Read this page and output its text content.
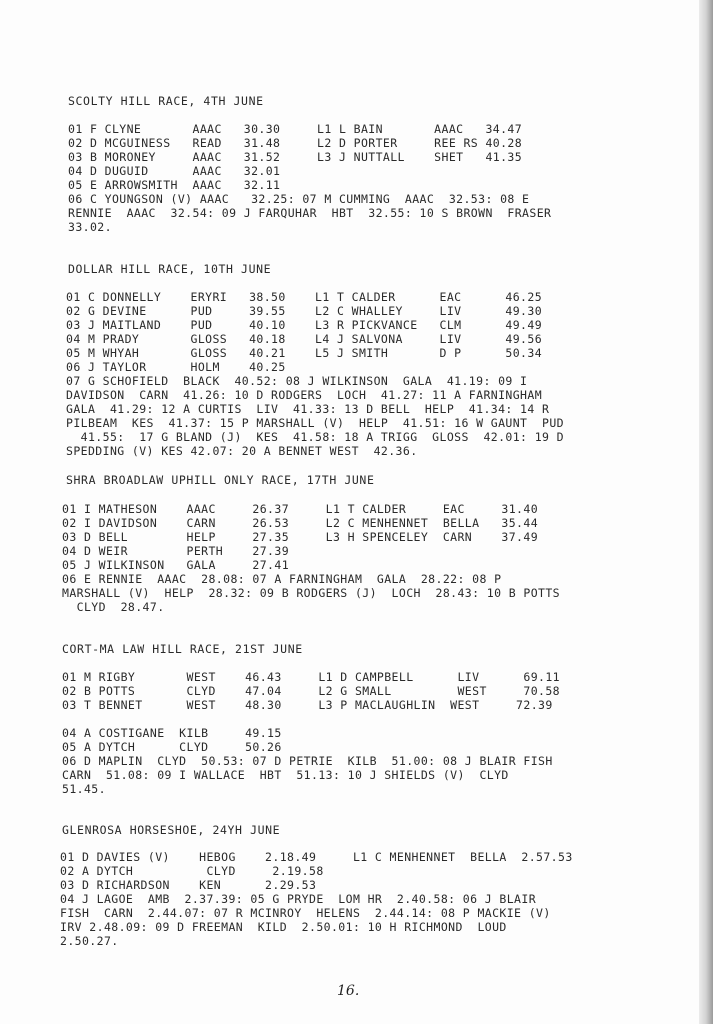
SCOLTY HILL RACE, 4TH JUNE
01 F CLYNE       AAAC   30.30     L1 L BAIN       AAAC   34.47
02 D MCGUINESS   READ   31.48     L2 D PORTER     REE RS 40.28
03 B MORONEY     AAAC   31.52     L3 J NUTTALL    SHET   41.35
04 D DUGUID      AAAC   32.01
05 E ARROWSMITH  AAAC   32.11
06 C YOUNGSON (V) AAAC   32.25: 07 M CUMMING  AAAC  32.53: 08 E
RENNIE  AAAC  32.54: 09 J FARQUHAR  HBT  32.55: 10 S BROWN  FRASER
33.02.
DOLLAR HILL RACE, 10TH JUNE
01 C DONNELLY    ERYRI   38.50    L1 T CALDER      EAC      46.25
02 G DEVINE      PUD     39.55    L2 C WHALLEY     LIV      49.30
03 J MAITLAND    PUD     40.10    L3 R PICKVANCE   CLM      49.49
04 M PRADY       GLOSS   40.18    L4 J SALVONA     LIV      49.56
05 M WHYAH       GLOSS   40.21    L5 J SMITH       D P      50.34
06 J TAYLOR      HOLM    40.25
07 G SCHOFIELD  BLACK  40.52: 08 J WILKINSON  GALA  41.19: 09 I
DAVIDSON  CARN  41.26: 10 D RODGERS  LOCH  41.27: 11 A FARNINGHAM
GALA  41.29: 12 A CURTIS  LIV  41.33: 13 D BELL  HELP  41.34: 14 R
PILBEAM  KES  41.37: 15 P MARSHALL (V)  HELP  41.51: 16 W GAUNT  PUD
41.55:  17 G BLAND (J)  KES  41.58: 18 A TRIGG  GLOSS  42.01: 19 D
SPEDDING (V) KES 42.07: 20 A BENNET WEST  42.36.
SHRA BROADLAW UPHILL ONLY RACE, 17TH JUNE
01 I MATHESON    AAAC     26.37     L1 T CALDER     EAC     31.40
02 I DAVIDSON    CARN     26.53     L2 C MENHENNET  BELLA   35.44
03 D BELL        HELP     27.35     L3 H SPENCELEY  CARN    37.49
04 D WEIR        PERTH    27.39
05 J WILKINSON   GALA     27.41
06 E RENNIE  AAAC  28.08: 07 A FARNINGHAM  GALA  28.22: 08 P
MARSHALL (V)  HELP  28.32: 09 B RODGERS (J)  LOCH  28.43: 10 B POTTS
CLYD  28.47.
CORT-MA LAW HILL RACE, 21ST JUNE
01 M RIGBY       WEST    46.43     L1 D CAMPBELL      LIV      69.11
02 B POTTS       CLYD    47.04     L2 G SMALL         WEST     70.58
03 T BENNET      WEST    48.30     L3 P MACLAUGHLIN  WEST     72.39
04 A COSTIGANE  KILB     49.15
05 A DYTCH      CLYD     50.26
06 D MAPLIN  CLYD  50.53: 07 D PETRIE  KILB  51.00: 08 J BLAIR FISH
CARN  51.08: 09 I WALLACE  HBT  51.13: 10 J SHIELDS (V)  CLYD
51.45.
GLENROSA HORSESHOE, 24YH JUNE
01 D DAVIES (V)    HEBOG    2.18.49     L1 C MENHENNET  BELLA  2.57.53
02 A DYTCH          CLYD     2.19.58
03 D RICHARDSON    KEN      2.29.53
04 J LAGOE  AMB  2.37.39: 05 G PRYDE  LOM HR  2.40.58: 06 J BLAIR
FISH  CARN  2.44.07: 07 R MCINROY  HELENS  2.44.14: 08 P MACKIE (V)
IRV 2.48.09: 09 D FREEMAN  KILD  2.50.01: 10 H RICHMOND  LOUD
2.50.27.
16.
